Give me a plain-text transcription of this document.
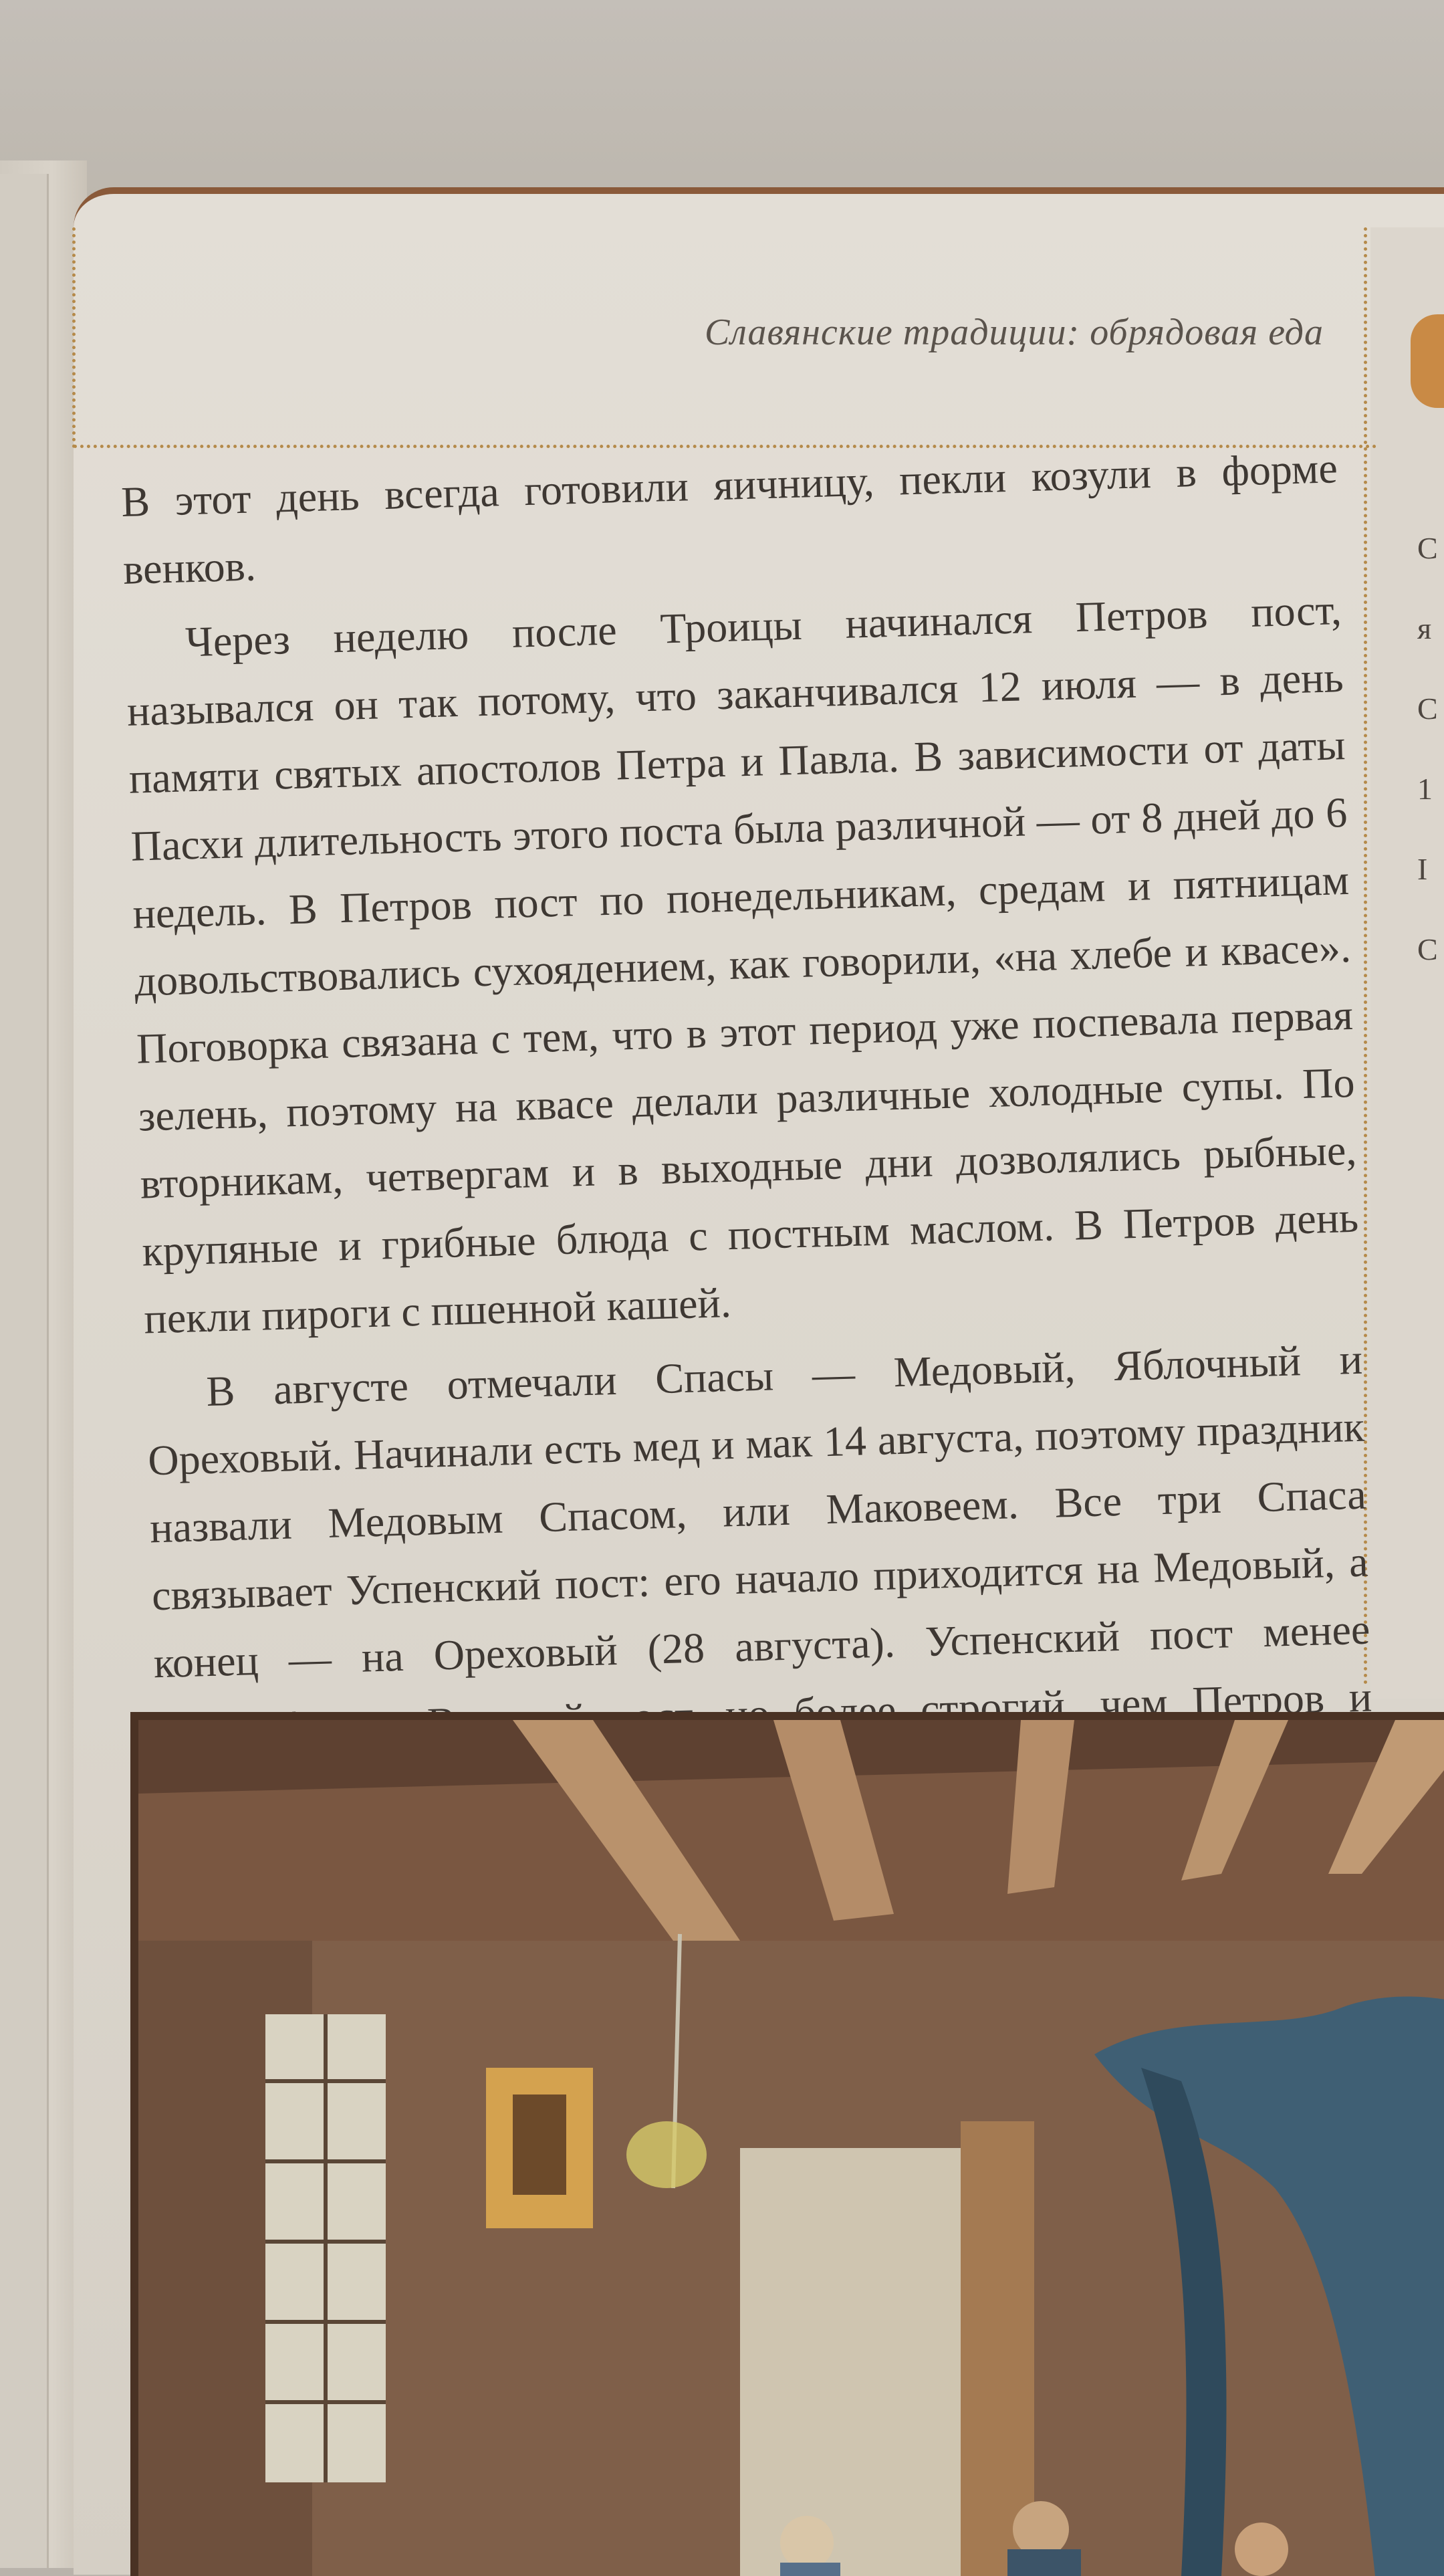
С
я
С
1
I
С
Славянские традиции: обрядовая еда

В этот день всегда готовили яичницу, пекли козули в форме венков.

Через неделю после Троицы начинался Петров пост, назывался он так потому, что заканчивался 12 июля — в день памяти святых апостолов Петра и Павла. В зависимости от даты Пасхи длительность этого поста была различной — от 8 дней до 6 недель. В Петров пост по понедельникам, средам и пятницам довольствовались сухоядением, как говорили, «на хлебе и квасе». Поговорка связана с тем, что в этот период уже поспевала первая зелень, поэтому на квасе делали различные холодные супы. По вторникам, четвергам и в выходные дни дозволялись рыбные, крупяные и грибные блюда с постным маслом. В Петров день пекли пироги с пшенной кашей.

В августе отмечали Спасы — Медовый, Яблочный и Ореховый. Начинали есть мед и мак 14 августа, поэтому праздник назвали Медовым Спасом, или Маковеем. Все три Спаса связывает Успенский пост: его начало приходится на Медовый, а конец — на Ореховый (28 августа). Успенский пост менее более строгий, чем Петров и
